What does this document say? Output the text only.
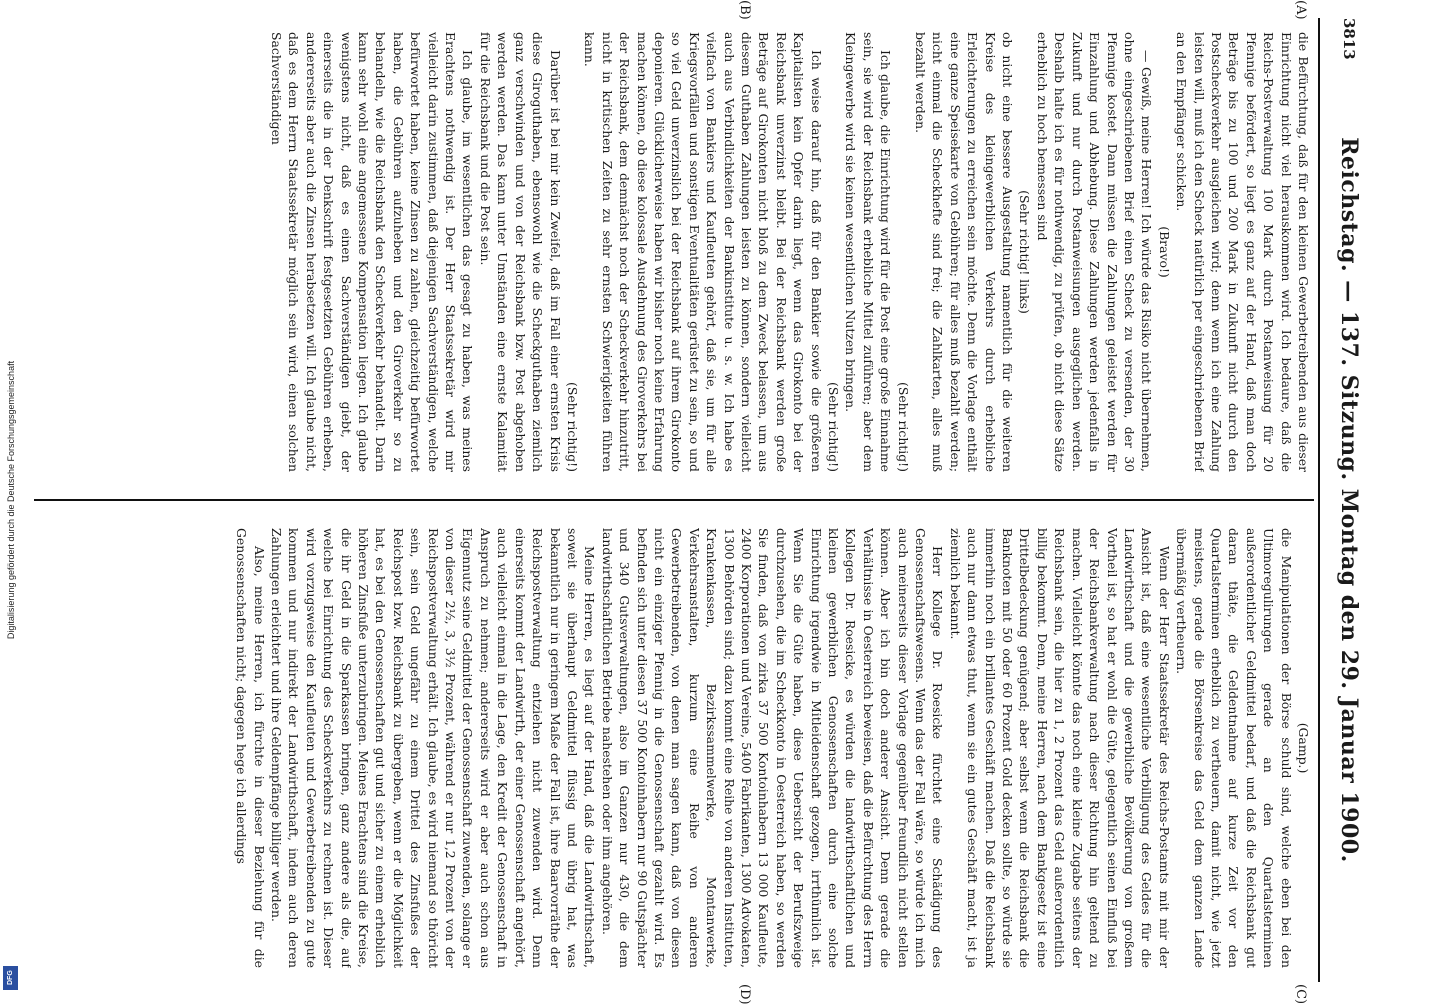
Digitalisierung gefördert durch die Deutsche Forschungsgemeinschaft
DFG
Reichstag. — 137. Sitzung. Montag den 29. Januar 1900.
3813
(C)
(D)
(A)
(B)

(Gamp.)

die Manipulationen der Börse schuld sind, welche eben bei den Ultimoregulirungen gerade an den Quartalsterminen außerordentlicher Geldmittel bedarf, und daß die Reichsbank gut daran thäte, die Geldentnahme auf kurze Zeit vor den Quartalsterminen erheblich zu vertheuern, damit nicht, wie jetzt meistens, gerade die Börsenkreise das Geld dem ganzen Lande übermäßig vertheuern.

Wenn der Herr Staatssekretär des Reichs-Postamts mit mir der Ansicht ist, daß eine wesentliche Verbilligung des Geldes für die Landwirthschaft und die gewerbliche Bevölkerung von großem Vortheil ist, so hat er wohl die Güte, gelegentlich seinen Einfluß bei der Reichsbankverwaltung nach dieser Richtung hin geltend zu machen. Vielleicht könnte das noch eine kleine Zugabe seitens der Reichsbank sein, die hier zu 1, 2 Prozent das Geld außerordentlich billig bekommt. Denn, meine Herren, nach dem Bankgesetz ist eine Drittelbedeckung genügend; aber selbst wenn die Reichsbank die Banknoten mit 50 oder 60 Prozent Gold decken sollte, so würde sie immerhin noch ein brillantes Geschäft machen. Daß die Reichsbank auch nur dann etwas thut, wenn sie ein gutes Geschäft macht, ist ja ziemlich bekannt.

Herr Kollege Dr. Roesicke fürchtet eine Schädigung des Genossenschaftswesens. Wenn das der Fall wäre, so würde ich mich auch meinerseits dieser Vorlage gegenüber freundlich nicht stellen können. Aber ich bin doch anderer Ansicht. Denn gerade die Verhältnisse in Oesterreich beweisen, daß die Befürchtung des Herrn Kollegen Dr. Roesicke, es würden die landwirthschaftlichen und kleinen gewerblichen Genossenschaften durch eine solche Einrichtung irgendwie in Mitleidenschaft gezogen, irrthümlich ist. Wenn Sie die Güte haben, diese Uebersicht der Berufszweige durchzusehen, die im Scheckkonto in Oesterreich haben, so werden Sie finden, daß von zirka 37 500 Kontoinhabern 13 000 Kaufleute, 2400 Korporationen und Vereine, 5400 Fabrikanten, 1300 Advokaten, 1300 Behörden sind; dazu kommt eine Reihe von anderen Instituten, Krankenkassen, Bezirkssammelwerke, Montanwerke, Verkehrsanstalten, kurzum eine Reihe von anderen Gewerbetreibenden, von denen man sagen kann, daß von diesen nicht ein einziger Pfennig in die Genossenschaft gezahlt wird. Es befinden sich unter diesen 37 500 Kontoinhabern nur 90 Gutspächter und 340 Gutsverwaltungen, also im Ganzen nur 430, die dem landwirthschaftlichen Betriebe nahestehen oder ihm angehören.

Meine Herren, es liegt auf der Hand, daß die Landwirthschaft, soweit sie überhaupt Geldmittel flüssig und übrig hat, was bekanntlich nur in geringem Maße der Fall ist, ihre Baarvorräthe der Reichspostverwaltung entziehen nicht zuwenden wird. Denn einerseits kommt der Landwirth, der einer Genossenschaft angehört, auch vielleicht einmal in die Lage, den Kredit der Genossenschaft in Anspruch zu nehmen; andererseits wird er aber auch schon aus Eigennutz seine Geldmittel der Genossenschaft zuwenden, solange er von dieser 2½, 3, 3½ Prozent, während er nur 1,2 Prozent von der Reichspostverwaltung erhält. Ich glaube, es wird niemand so thöricht sein, sein Geld ungefähr zu einem Drittel des Zinsfußes der Reichspost bzw. Reichsbank zu übergeben, wenn er die Möglichkeit hat, es bei den Genossenschaften gut und sicher zu einem erheblich höheren Zinsfuße unterzubringen. Meines Erachtens sind die Kreise, die ihr Geld in die Sparkassen bringen, ganz andere als die, auf welche bei Einrichtung des Scheckverkehrs zu rechnen ist. Dieser wird vorzugsweise den Kaufleuten und Gewerbetreibenden zu gute kommen und nur indirekt der Landwirthschaft, indem auch deren Zahlungen erleichtert und ihre Geldempfänge billiger werden.

Also, meine Herren, ich fürchte in dieser Beziehung für die Genossenschaften nicht; dagegen hege ich allerdings

die Befürchtung, daß für den kleinen Gewerbetreibenden aus dieser Einrichtung nicht viel herauskommen wird. Ich bedaure, daß die Reichs-Postverwaltung 100 Mark durch Postanweisung für 20 Pfennige befördert, so liegt es ganz auf der Hand, daß man doch Beträge bis zu 100 und 200 Mark in Zukunft nicht durch den Postscheckverkehr ausgleichen wird; denn wenn ich eine Zahlung leisten will, muß ich den Scheck natürlich per eingeschriebenen Brief an den Empfänger schicken.

(Bravo!)

— Gewiß, meine Herren! Ich würde das Risiko nicht übernehmen, ohne eingeschriebenen Brief einen Scheck zu versenden, der 30 Pfennige kostet. Dann müssen die Zahlungen geleistet werden für Einzahlung und Abhebung. Diese Zahlungen werden jedenfalls in Zukunft und nur durch Postanweisungen ausgeglichen werden. Deshalb halte ich es für nothwendig, zu prüfen, ob nicht diese Sätze erheblich zu hoch bemessen sind

(Sehr richtig! links)

ob nicht eine bessere Ausgestaltung namentlich für die weiteren Kreise des kleingewerblichen Verkehrs durch erhebliche Erleichterungen zu erreichen sein möchte. Denn die Vorlage enthält eine ganze Speisekarte von Gebühren; für alles muß bezahlt werden; nicht einmal die Scheckhefte sind frei; die Zahlkarten, alles muß bezahlt werden.

(Sehr richtig!)

Ich glaube, die Einrichtung wird für die Post eine große Einnahme sein, sie wird der Reichsbank erhebliche Mittel zuführen; aber dem Kleingewerbe wird sie keinen wesentlichen Nutzen bringen.

(Sehr richtig!)

Ich weise darauf hin, daß für den Bankier sowie die größeren Kapitalisten kein Opfer darin liegt, wenn das Girokonto bei der Reichsbank unverzinst bleibt. Bei der Reichsbank werden große Beträge auf Girokonten nicht bloß zu dem Zweck belassen, um aus diesem Guthaben Zahlungen leisten zu können, sondern vielleicht auch aus Verbindlichkeiten der Bankinstitute u. s. w. Ich habe es vielfach von Bankiers und Kaufleuten gehört, daß sie, um für alle Kriegsvorfällen und sonstigen Eventualitäten gerüstet zu sein, so und so viel Geld unverzinslich bei der Reichsbank auf ihrem Girokonto deponieren. Glücklicherweise haben wir bisher noch keine Erfahrung machen können, ob diese kolossale Ausdehnung des Giroverkehrs bei der Reichsbank, dem demnächst noch der Scheckverkehr hinzutritt, nicht in kritischen Zeiten zu sehr ernsten Schwierigkeiten führen kann.

(Sehr richtig!)

Darüber ist bei mir kein Zweifel, daß im Fall einer ernsten Krisis diese Giroguthaben, ebensowohl wie die Scheckguthaben ziemlich ganz verschwinden und von der Reichsbank bzw. Post abgehoben werden werden. Das kann unter Umständen eine ernste Kalamität für die Reichsbank und die Post sein.

Ich glaube, im wesentlichen das gesagt zu haben, was meines Erachtens nothwendig ist. Der Herr Staatssekretär wird mir vielleicht darin zustimmen, daß diejenigen Sachverständigen, welche befürwortet haben, keine Zinsen zu zahlen, gleichzeitig befürwortet haben, die Gebühren aufzuheben und den Giroverkehr so zu behandeln, wie die Reichsbank den Scheckverkehr behandelt. Darin kann sehr wohl eine angemessene Kompensation liegen. Ich glaube wenigstens nicht, daß es einen Sachverständigen giebt, der einerseits die in der Denkschrift festgesetzten Gebühren erheben, andererseits aber auch die Zinsen herabsetzen will. Ich glaube nicht, daß es dem Herrn Staatssekretär möglich sein wird, einen solchen Sachverständigen
